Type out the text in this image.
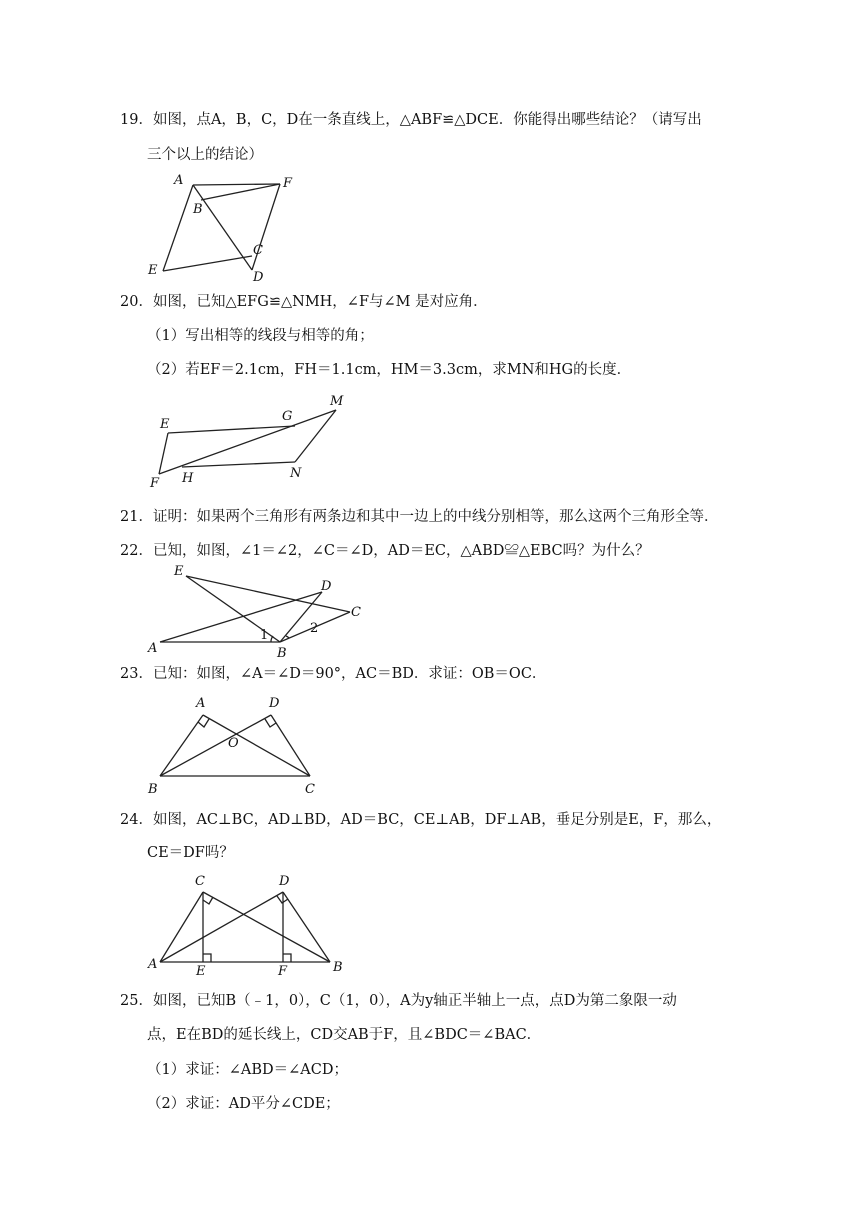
19．如图，点A，B，C，D在一条直线上，△ABF≌△DCE．你能得出哪些结论？（请写出
三个以上的结论）
A	F
B
C
E	D
20．如图，已知△EFG≌△NMH，∠F与∠M 是对应角．
（1）写出相等的线段与相等的角；
（2）若EF＝2.1cm，FH＝1.1cm，HM＝3.3cm，求MN和HG的长度．
E
G
M
F H	N
21．证明：如果两个三角形有两条边和其中一边上的中线分别相等，那么这两个三角形全等．
22．已知，如图，∠1＝∠2，∠C＝∠D，AD＝EC，△ABD≌△EBC吗？为什么？
E
D
C
A
1	2
B
23．已知：如图，∠A＝∠D＝90°，AC＝BD．求证：OB＝OC．
A	D
O
B	C
24．如图，AC⊥BC，AD⊥BD，AD＝BC，CE⊥AB，DF⊥AB，垂足分别是E，F，那么，
CE＝DF吗？
C	D
A	E	F	B
25．如图，已知B（﹣1，0），C（1，0），A为y轴正半轴上一点，点D为第二象限一动
点，E在BD的延长线上，CD交AB于F，且∠BDC＝∠BAC．
（1）求证：∠ABD＝∠ACD；
（2）求证：AD平分∠CDE；
